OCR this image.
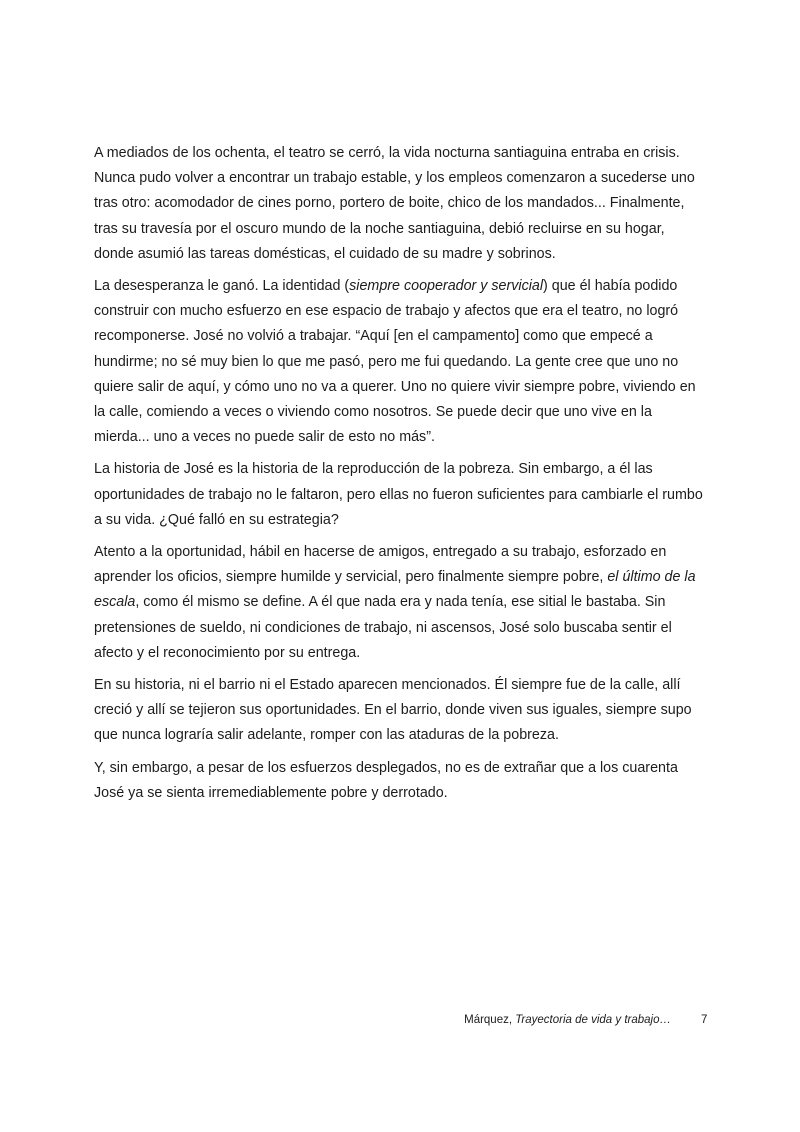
A mediados de los ochenta, el teatro se cerró, la vida nocturna santiaguina entraba en crisis. Nunca pudo volver a encontrar un trabajo estable, y los empleos comenzaron a sucederse uno tras otro: acomodador de cines porno, portero de boite, chico de los mandados... Finalmente, tras su travesía por el oscuro mundo de la noche santiaguina, debió recluirse en su hogar, donde asumió las tareas domésticas, el cuidado de su madre y sobrinos.

La desesperanza le ganó. La identidad (siempre cooperador y servicial) que él había podido construir con mucho esfuerzo en ese espacio de trabajo y afectos que era el teatro, no logró recomponerse. José no volvió a trabajar. “Aquí [en el campamento] como que empecé a hundirme; no sé muy bien lo que me pasó, pero me fui quedando. La gente cree que uno no quiere salir de aquí, y cómo uno no va a querer. Uno no quiere vivir siempre pobre, viviendo en la calle, comiendo a veces o viviendo como nosotros. Se puede decir que uno vive en la mierda... uno a veces no puede salir de esto no más”.

La historia de José es la historia de la reproducción de la pobreza. Sin embargo, a él las oportunidades de trabajo no le faltaron, pero ellas no fueron suficientes para cambiarle el rumbo a su vida. ¿Qué falló en su estrategia?

Atento a la oportunidad, hábil en hacerse de amigos, entregado a su trabajo, esforzado en aprender los oficios, siempre humilde y servicial, pero finalmente siempre pobre, el último de la escala, como él mismo se define. A él que nada era y nada tenía, ese sitial le bastaba. Sin pretensiones de sueldo, ni condiciones de trabajo, ni ascensos, José solo buscaba sentir el afecto y el reconocimiento por su entrega.

En su historia, ni el barrio ni el Estado aparecen mencionados. Él siempre fue de la calle, allí creció y allí se tejieron sus oportunidades. En el barrio, donde viven sus iguales, siempre supo que nunca lograría salir adelante, romper con las ataduras de la pobreza.

Y, sin embargo, a pesar de los esfuerzos desplegados, no es de extrañar que a los cuarenta José ya se sienta irremediablemente pobre y derrotado.

Márquez, Trayectoria de vida y trabajo…	7
